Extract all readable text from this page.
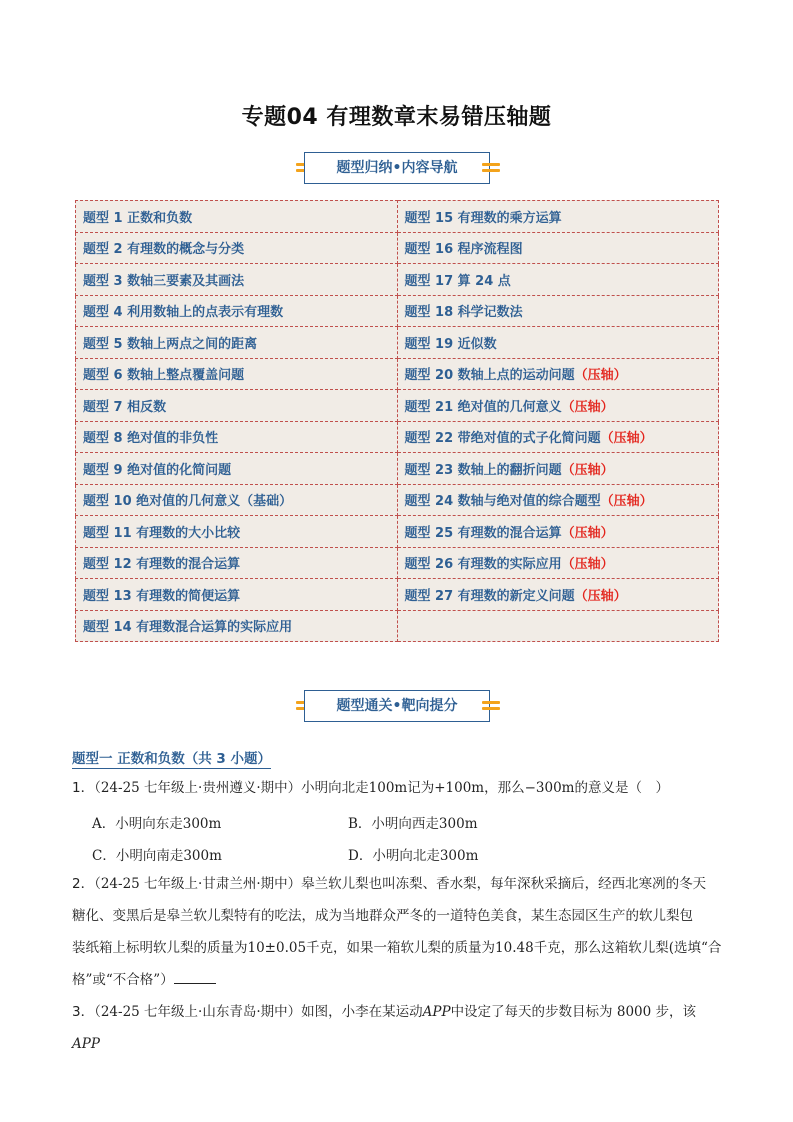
专题04 有理数章末易错压轴题
题型归纳•内容导航
题型 1 正数和负数	题型 15 有理数的乘方运算
题型 2 有理数的概念与分类	题型 16 程序流程图
题型 3 数轴三要素及其画法	题型 17 算 24 点
题型 4 利用数轴上的点表示有理数	题型 18 科学记数法
题型 5 数轴上两点之间的距离	题型 19 近似数
题型 6 数轴上整点覆盖问题	题型 20 数轴上点的运动问题（压轴）
题型 7 相反数	题型 21 绝对值的几何意义（压轴）
题型 8 绝对值的非负性	题型 22 带绝对值的式子化简问题（压轴）
题型 9 绝对值的化简问题	题型 23 数轴上的翻折问题（压轴）
题型 10 绝对值的几何意义（基础）	题型 24 数轴与绝对值的综合题型（压轴）
题型 11 有理数的大小比较	题型 25 有理数的混合运算（压轴）
题型 12 有理数的混合运算	题型 26 有理数的实际应用（压轴）
题型 13 有理数的简便运算	题型 27 有理数的新定义问题（压轴）
题型 14 有理数混合运算的实际应用	
题型通关•靶向提分
题型一 正数和负数（共 3 小题）
1．（24-25 七年级上·贵州遵义·期中）小明向北走100m记为+100m，那么−300m的意义是（　）
A．小明向东走300m	B．小明向西走300m
C．小明向南走300m	D．小明向北走300m
2．（24-25 七年级上·甘肃兰州·期中）皋兰软儿梨也叫冻梨、香水梨，每年深秋采摘后，经西北寒冽的冬天
糖化、变黑后是皋兰软儿梨特有的吃法，成为当地群众严冬的一道特色美食，某生态园区生产的软儿梨包
装纸箱上标明软儿梨的质量为10±0.05千克，如果一箱软儿梨的质量为10.48千克，那么这箱软儿梨(选填“合
格”或“不合格”）
3．（24-25 七年级上·山东青岛·期中）如图，小李在某运动APP中设定了每天的步数目标为 8000 步，该APP
